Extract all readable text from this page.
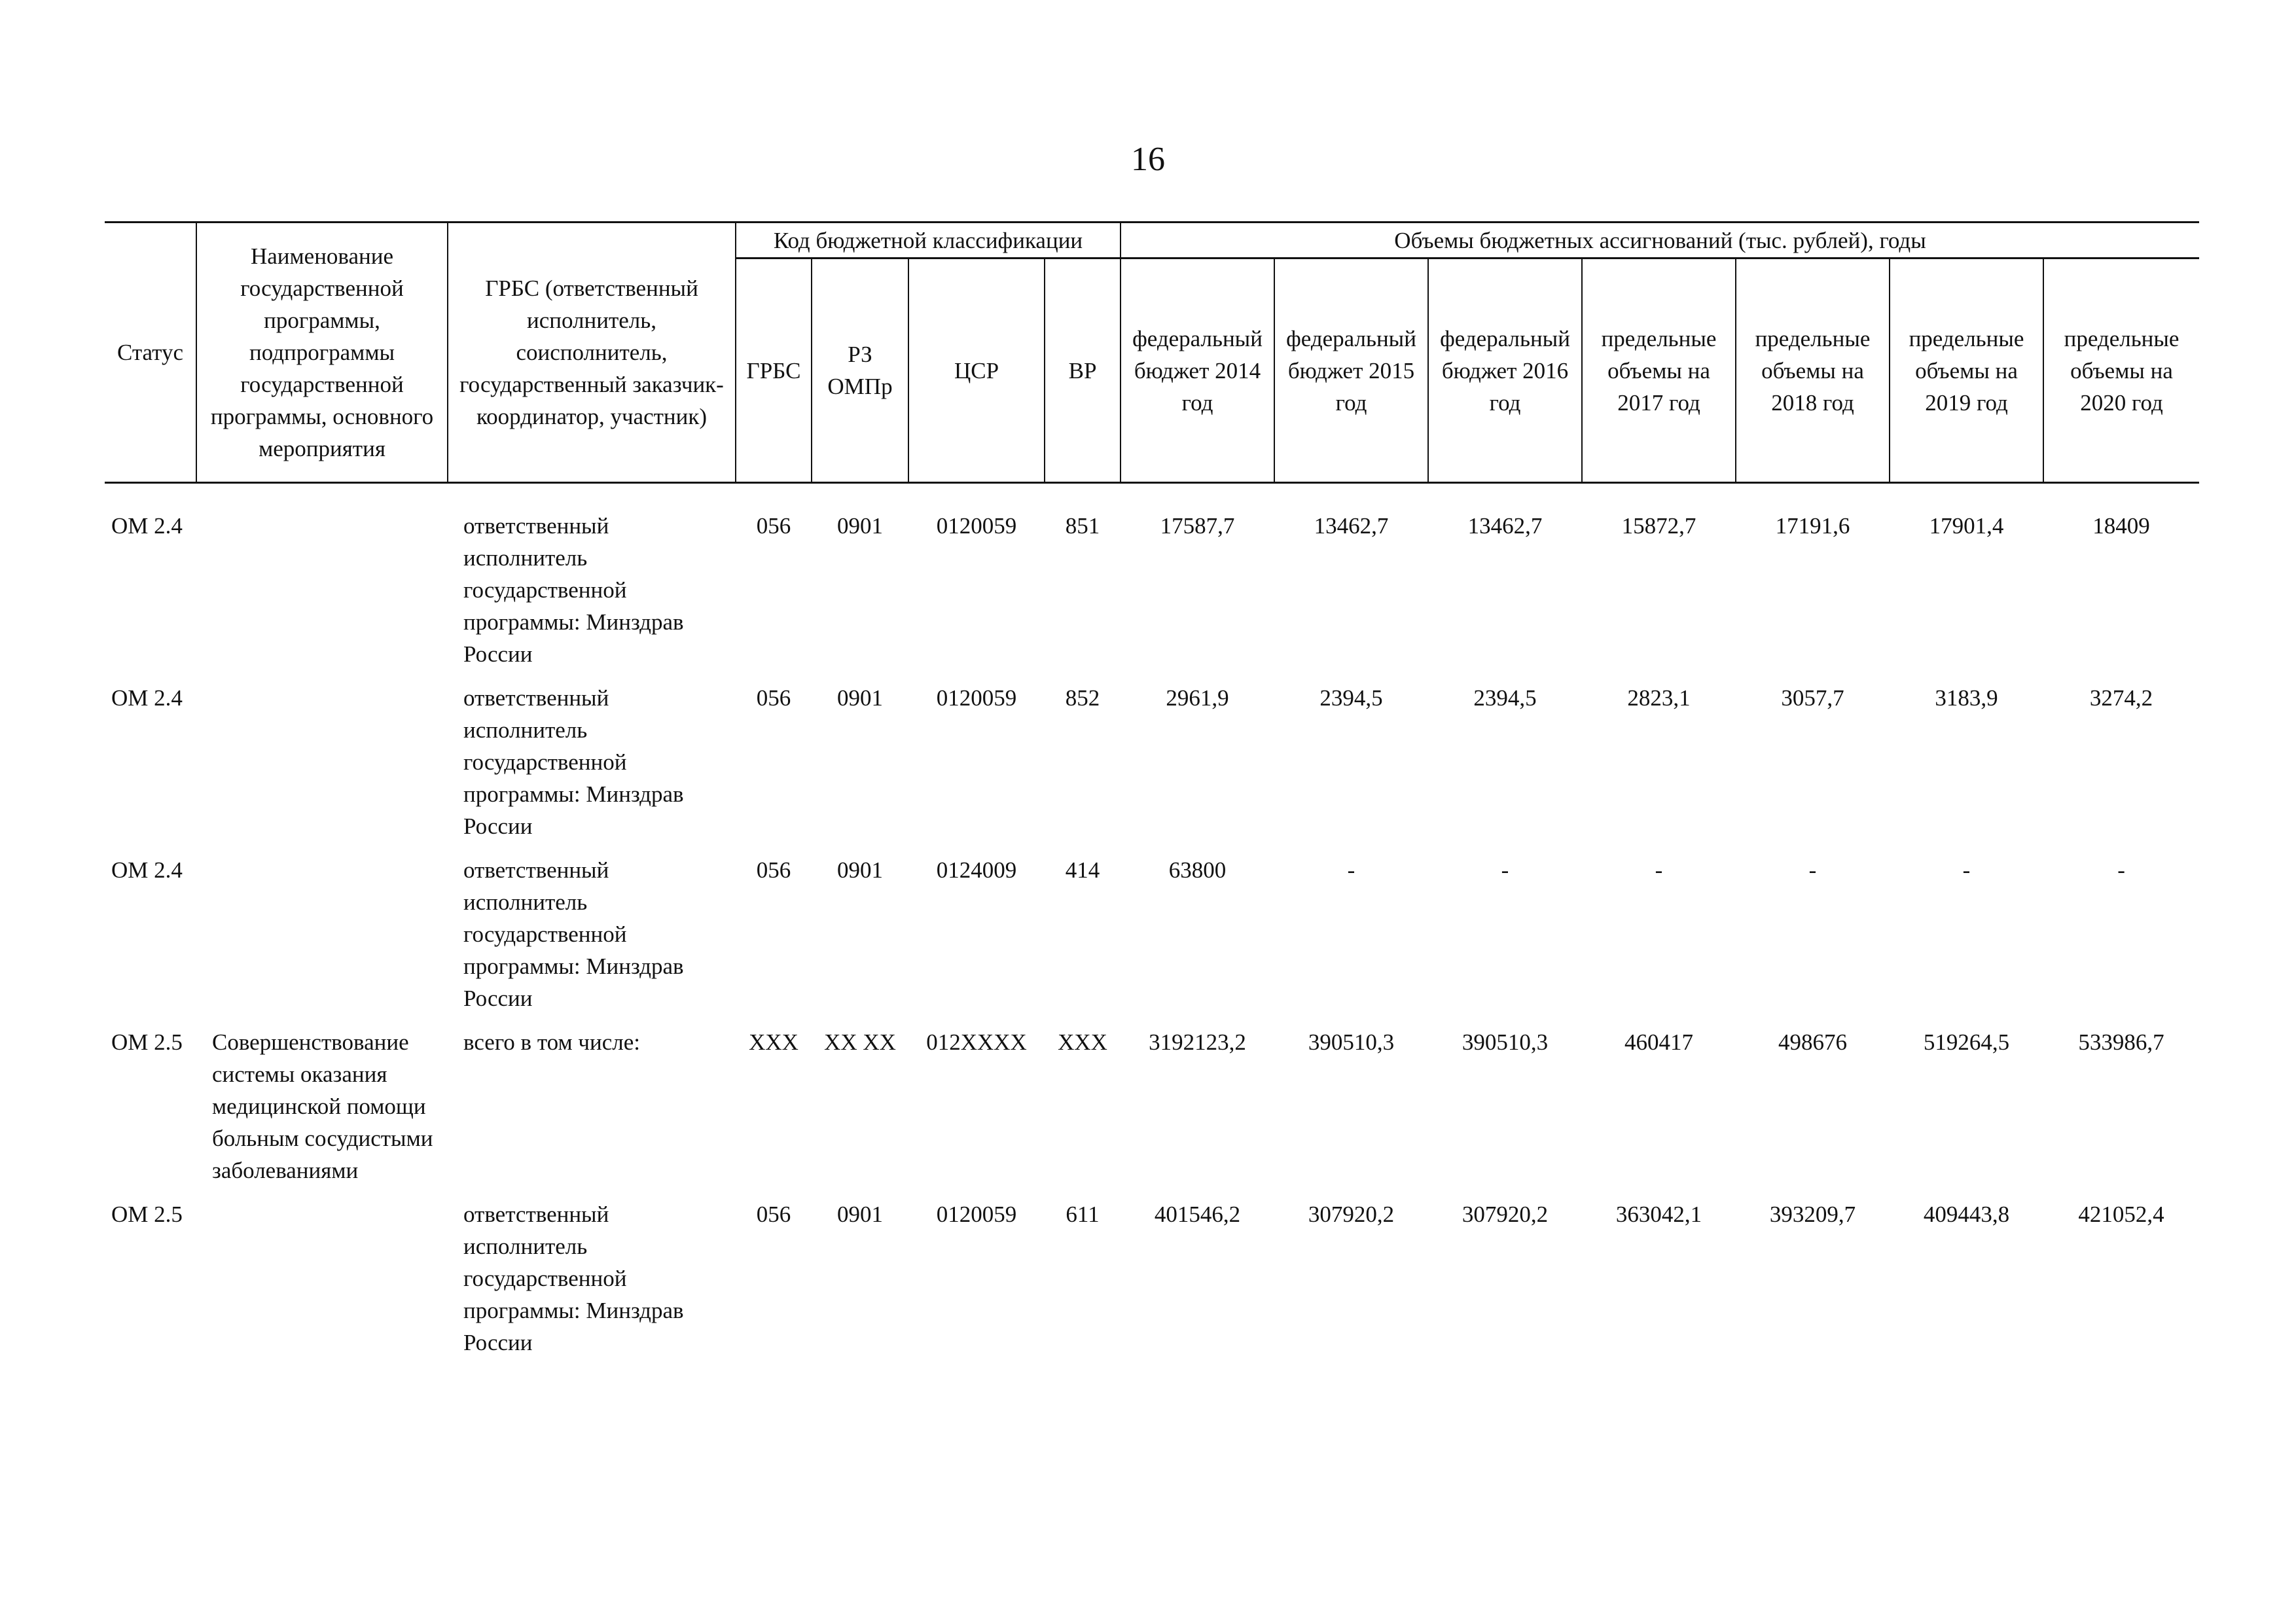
16
Статус	Наименование государственной программы, подпрограммы государственной программы, основного мероприятия	ГРБС (ответственный исполнитель, соисполнитель, государственный заказчик-координатор, участник)	Код бюджетной классификации				Объемы бюджетных ассигнований (тыс. рублей), годы						
			ГРБС	РЗ ОМПр	ЦСР	ВР	федеральный бюджет 2014 год	федеральный бюджет 2015 год	федеральный бюджет 2016 год	предельные объемы на 2017 год	предельные объемы на 2018 год	предельные объемы на 2019 год	предельные объемы на 2020 год

ОМ 2.4		ответственный исполнитель государственной программы: Минздрав России	056	0901	0120059	851	17587,7	13462,7	13462,7	15872,7	17191,6	17901,4	18409
ОМ 2.4		ответственный исполнитель государственной программы: Минздрав России	056	0901	0120059	852	2961,9	2394,5	2394,5	2823,1	3057,7	3183,9	3274,2
ОМ 2.4		ответственный исполнитель государственной программы: Минздрав России	056	0901	0124009	414	63800	-	-	-	-	-	-
ОМ 2.5	Совершенствование системы оказания медицинской помощи больным сосудистыми заболеваниями	всего в том числе:	XXX	XX XX	012XXXX	XXX	3192123,2	390510,3	390510,3	460417	498676	519264,5	533986,7
ОМ 2.5		ответственный исполнитель государственной программы: Минздрав России	056	0901	0120059	611	401546,2	307920,2	307920,2	363042,1	393209,7	409443,8	421052,4
